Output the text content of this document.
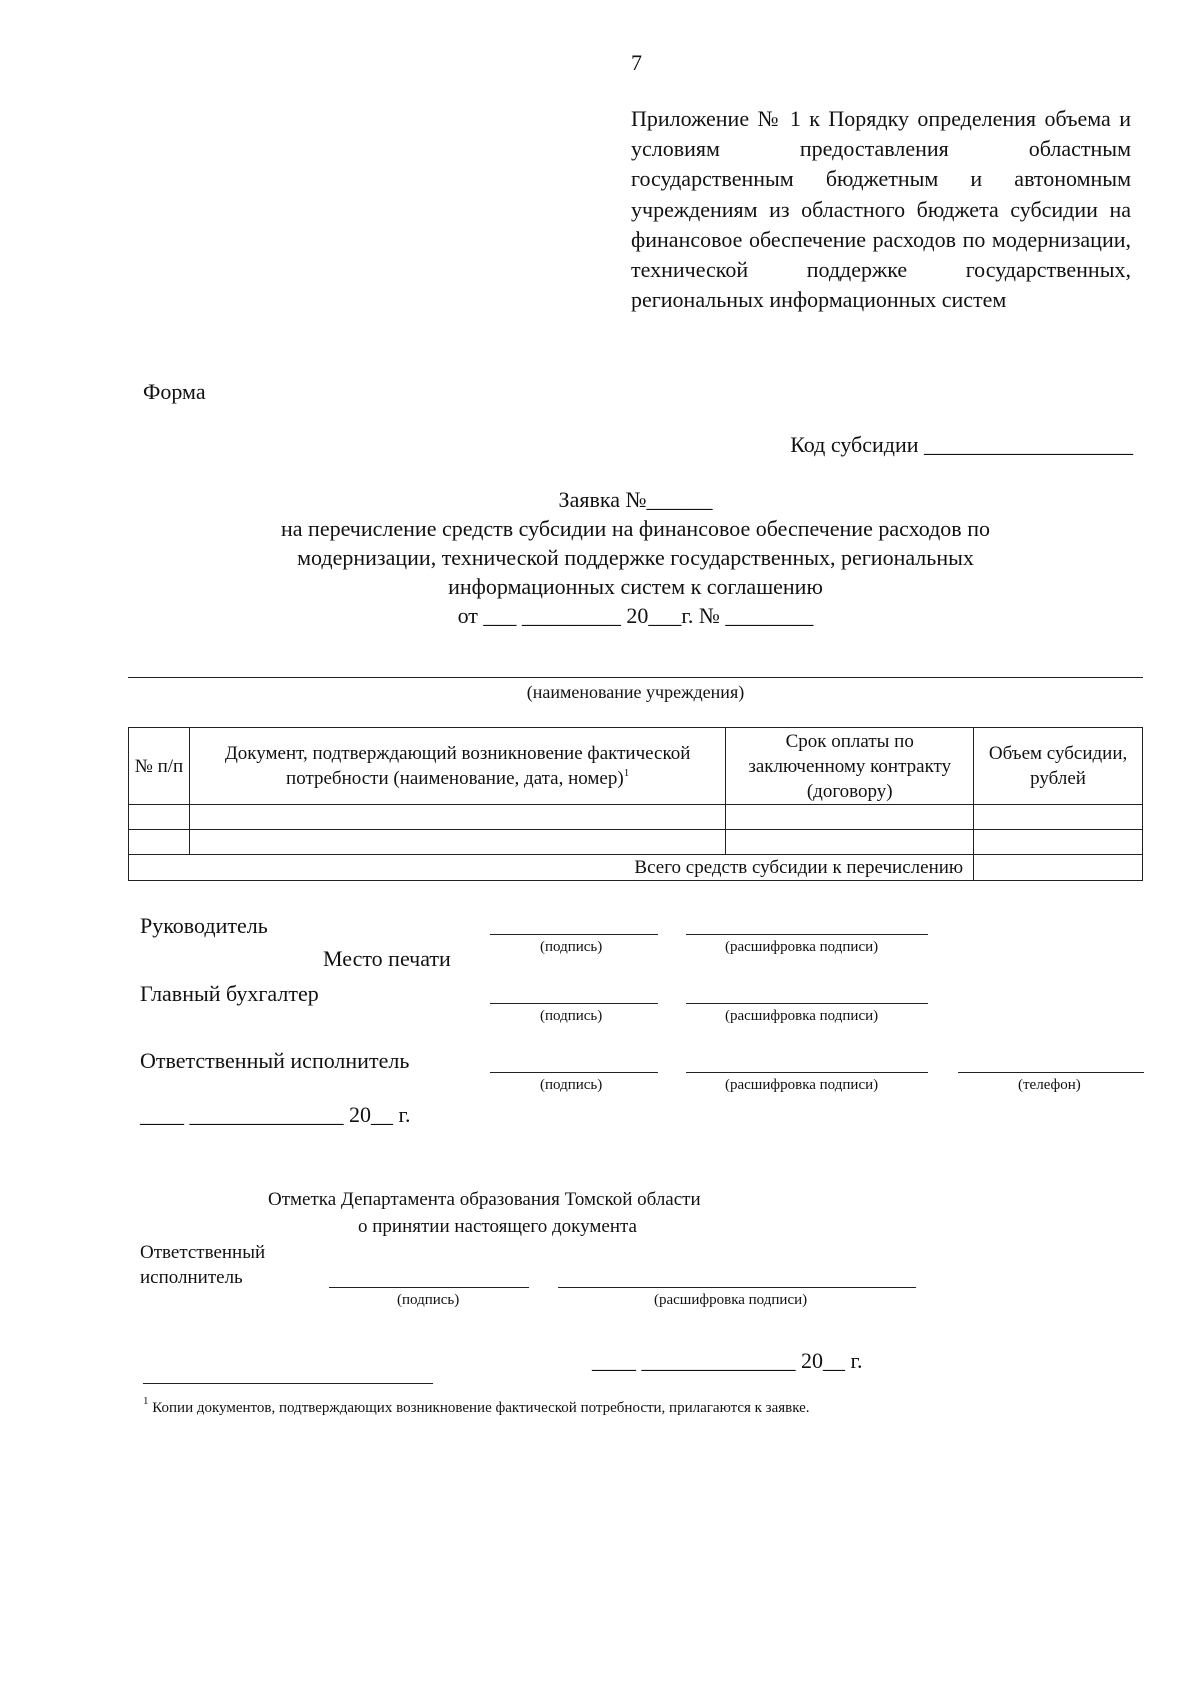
7
Приложение № 1 к Порядку определения объема и условиям предоставления областным государственным бюджетным и автономным учреждениям из областного бюджета субсидии на финансовое обеспечение расходов по модернизации, технической поддержке государственных, региональных информационных систем
Форма
Код субсидии ___________________
Заявка №______
на перечисление средств субсидии на финансовое обеспечение расходов по
модернизации, технической поддержке государственных, региональных
информационных систем к соглашению
от ___ _________ 20___г. № ________
(наименование учреждения)
№ п/п	Документ, подтверждающий возникновение фактической потребности (наименование, дата, номер)$^1$	Срок оплаты по заключенному контракту (договору)	Объем субсидии, рублей

Всего средств субсидии к перечислению			
Руководитель
(подпись)	(расшифровка подписи)
Место печати
Главный бухгалтер
(подпись)	(расшифровка подписи)
Ответственный исполнитель
(подпись)	(расшифровка подписи)	(телефон)
____ ______________ 20__ г.
Отметка Департамента образования Томской области
о принятии настоящего документа
Ответственный
исполнитель
(подпись)	(расшифровка подписи)
____ ______________ 20__ г.
$^1$ Копии документов, подтверждающих возникновение фактической потребности, прилагаются к заявке.
